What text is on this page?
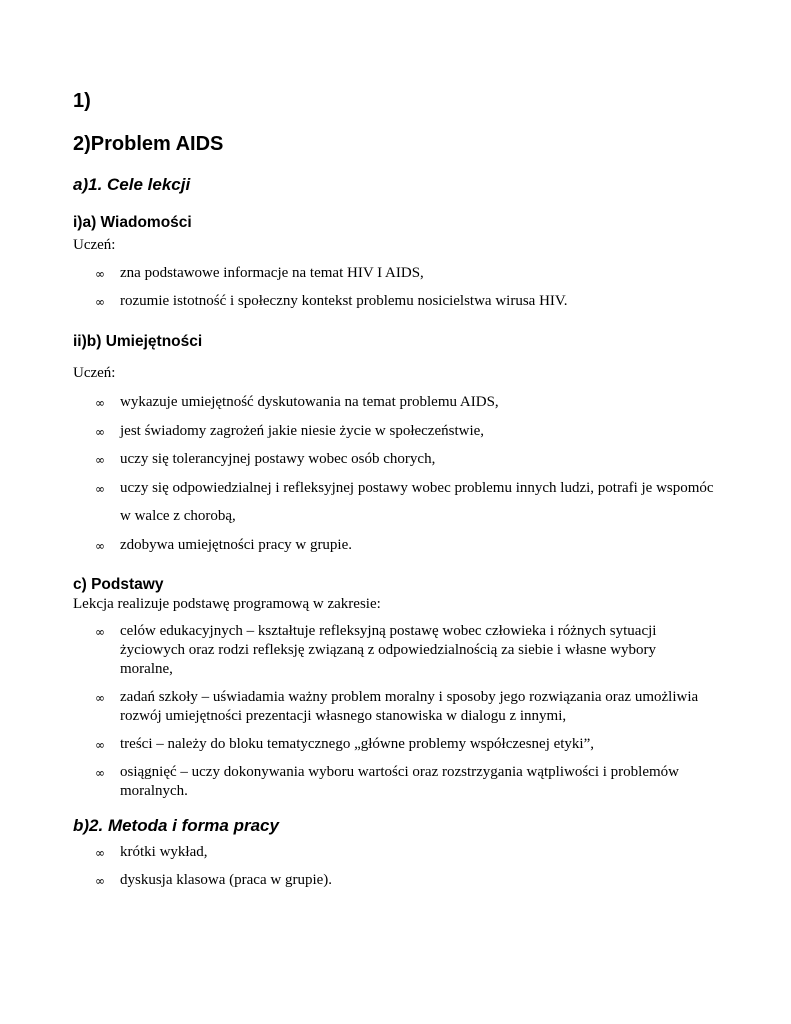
1)
2)Problem AIDS
a)1. Cele lekcji
i)a) Wiadomości

Uczeń:

∞ zna podstawowe informacje na temat HIV I AIDS,
∞ rozumie istotność i społeczny kontekst problemu nosicielstwa wirusa HIV.
ii)b) Umiejętności

Uczeń:

∞ wykazuje umiejętność dyskutowania na temat problemu AIDS,
∞ jest świadomy zagrożeń jakie niesie życie w społeczeństwie,
∞ uczy się tolerancyjnej postawy wobec osób chorych,
∞ uczy się odpowiedzialnej i refleksyjnej postawy wobec problemu innych ludzi, potrafi je wspomóc w walce z chorobą,
∞ zdobywa umiejętności pracy w grupie.
c) Podstawy

Lekcja realizuje podstawę programową w zakresie:

∞ celów edukacyjnych – kształtuje refleksyjną postawę wobec człowieka i różnych sytuacji życiowych oraz rodzi refleksję związaną z odpowiedzialnością za siebie i własne wybory moralne,
∞ zadań szkoły – uświadamia ważny problem moralny i sposoby jego rozwiązania oraz umożliwia rozwój umiejętności prezentacji własnego stanowiska w dialogu z innymi,
∞ treści – należy do bloku tematycznego „główne problemy współczesnej etyki”,
∞ osiągnięć – uczy dokonywania wyboru wartości oraz rozstrzygania wątpliwości i problemów moralnych.
b)2. Metoda i forma pracy
∞ krótki wykład,
∞ dyskusja klasowa (praca w grupie).
